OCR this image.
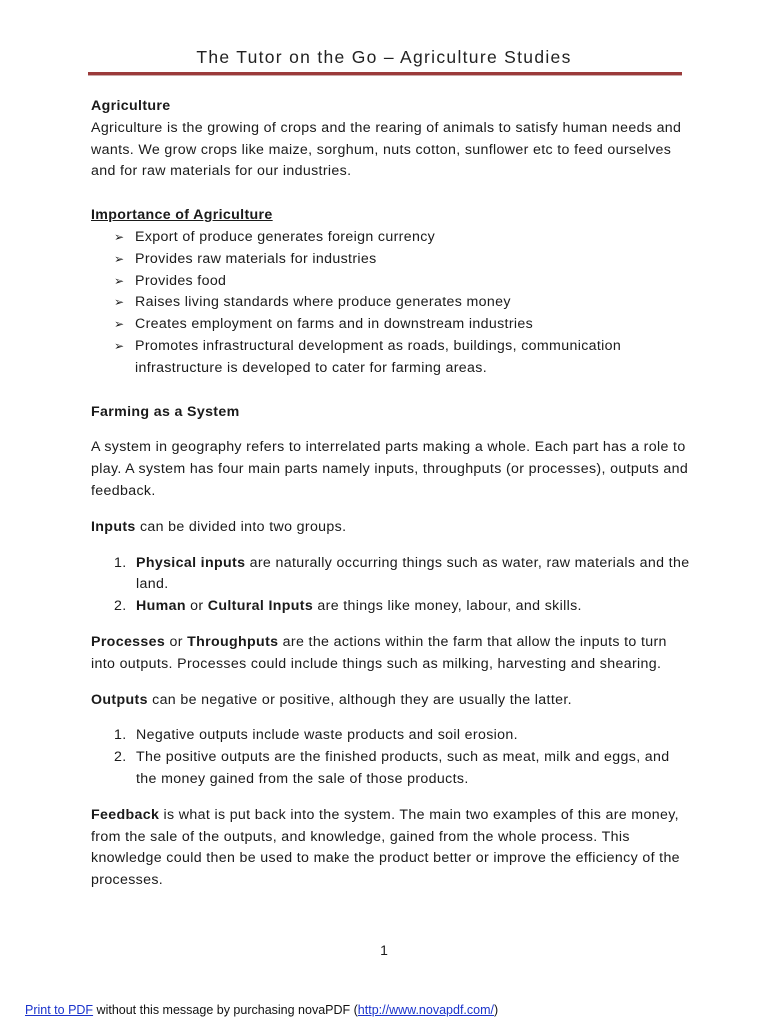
The Tutor on the Go – Agriculture Studies

Agriculture

Agriculture is the growing of crops and the rearing of animals to satisfy human needs and wants. We grow crops like maize, sorghum, nuts cotton, sunflower etc to feed ourselves and for raw materials for our industries.

Importance of Agriculture

➢ Export of produce generates foreign currency
➢ Provides raw materials for industries
➢ Provides food
➢ Raises living standards where produce generates money
➢ Creates employment on farms and in downstream industries
➢ Promotes infrastructural development as roads, buildings, communication infrastructure is developed to cater for farming areas.

Farming as a System

A system in geography refers to interrelated parts making a whole. Each part has a role to play. A system has four main parts namely inputs, throughputs (or processes), outputs and feedback.

Inputs can be divided into two groups.

1. Physical inputs are naturally occurring things such as water, raw materials and the land.
2. Human or Cultural Inputs are things like money, labour, and skills.

Processes or Throughputs are the actions within the farm that allow the inputs to turn into outputs. Processes could include things such as milking, harvesting and shearing.

Outputs can be negative or positive, although they are usually the latter.

1. Negative outputs include waste products and soil erosion.
2. The positive outputs are the finished products, such as meat, milk and eggs, and the money gained from the sale of those products.

Feedback is what is put back into the system. The main two examples of this are money, from the sale of the outputs, and knowledge, gained from the whole process. This knowledge could then be used to make the product better or improve the efficiency of the processes.

1
Print to PDF without this message by purchasing novaPDF (http://www.novapdf.com/)
